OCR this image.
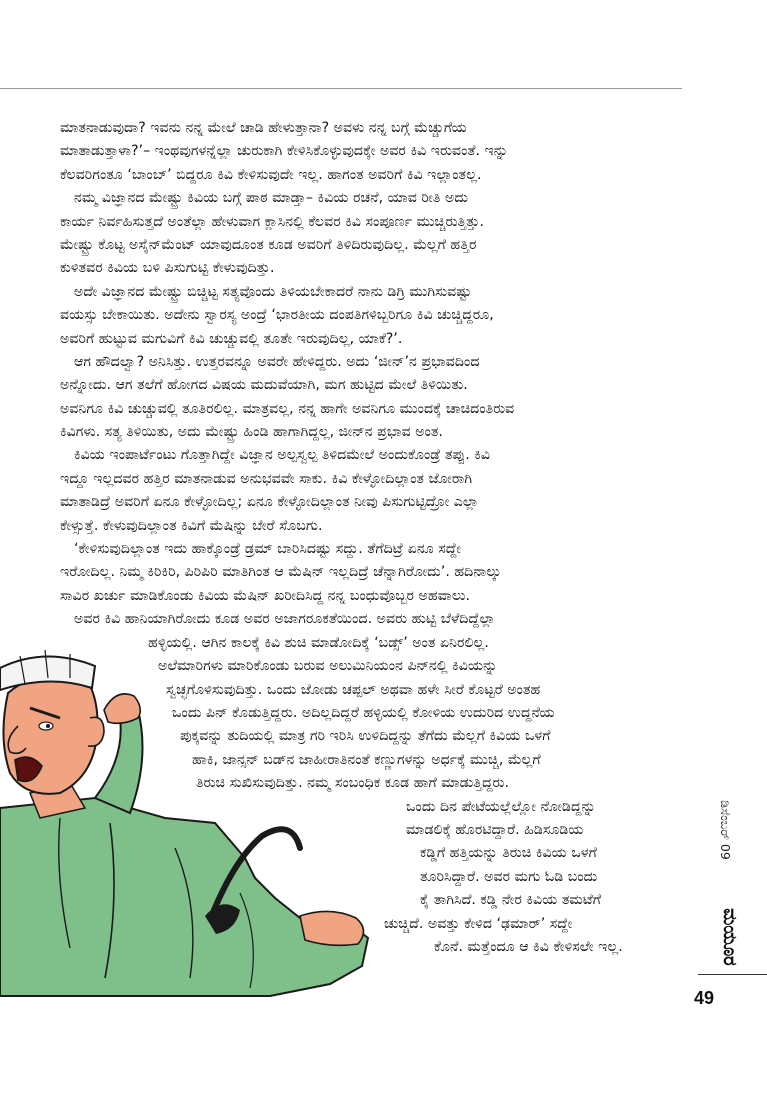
ಮಾತನಾಡುವುದಾ? ಇವನು ನನ್ನ ಮೇಲೆ ಚಾಡಿ ಹೇಳುತ್ತಾನಾ? ಅವಳು ನನ್ನ ಬಗ್ಗೆ ಮೆಚ್ಚುಗೆಯ
ಮಾತಾಡುತ್ತಾಳಾ?’– ಇಂಥವುಗಳನ್ನೆಲ್ಲಾ ಚುರುಕಾಗಿ ಕೇಳಿಸಿಕೊಳ್ಳುವುದಕ್ಕೇ ಅವರ ಕಿವಿ ಇರುವಂತೆ. ಇನ್ನು
ಕೆಲವರಿಗಂತೂ ‘ಬಾಂಬ್’ ಬಿದ್ದರೂ ಕಿವಿ ಕೇಳಿಸುವುದೇ ಇಲ್ಲ. ಹಾಗಂತ ಅವರಿಗೆ ಕಿವಿ ಇಲ್ಲಾಂತಲ್ಲ.
ನಮ್ಮ ವಿಜ್ಞಾನದ ಮೇಷ್ಟ್ರು ಕಿವಿಯ ಬಗ್ಗೆ ಪಾಠ ಮಾಡ್ತಾ– ಕಿವಿಯ ರಚನೆ, ಯಾವ ರೀತಿ ಅದು
ಕಾರ್ಯ ನಿರ್ವಹಿಸುತ್ತದೆ ಅಂತೆಲ್ಲಾ ಹೇಳುವಾಗ ಕ್ಲಾಸಿನಲ್ಲಿ ಕೆಲವರ ಕಿವಿ ಸಂಪೂರ್ಣ ಮುಚ್ಚಿರುತ್ತಿತ್ತು.
ಮೇಷ್ಟ್ರು ಕೊಟ್ಟ ಅಸೈನ್‌ಮೆಂಟ್ ಯಾವುದೂಂತ ಕೂಡ ಅವರಿಗೆ ತಿಳಿದಿರುವುದಿಲ್ಲ. ಮೆಲ್ಲಗೆ ಹತ್ತಿರ
ಕುಳಿತವರ ಕಿವಿಯ ಬಳಿ ಪಿಸುಗುಟ್ಟಿ ಕೇಳುವುದಿತ್ತು.
ಅದೇ ವಿಜ್ಞಾನದ ಮೇಷ್ಟ್ರು ಬಿಚ್ಚಿಟ್ಟ ಸತ್ಯವೊಂದು ತಿಳಿಯಬೇಕಾದರೆ ನಾನು ಡಿಗ್ರಿ ಮುಗಿಸುವಷ್ಟು
ವಯಸ್ಸು ಬೇಕಾಯಿತು. ಅದೇನು ಸ್ವಾರಸ್ಯ ಅಂದ್ರೆ ‘ಭಾರತೀಯ ದಂಪತಿಗಳಿಬ್ಬರಿಗೂ ಕಿವಿ ಚುಚ್ಚಿದ್ದರೂ,
ಅವರಿಗೆ ಹುಟ್ಟುವ ಮಗುವಿಗೆ ಕಿವಿ ಚುಚ್ಚುವಲ್ಲಿ ತೂತೇ ಇರುವುದಿಲ್ಲ, ಯಾಕೆ?’.
ಆಗ ಹೌದಲ್ವಾ? ಅನಿಸಿತ್ತು. ಉತ್ತರವನ್ನೂ ಅವರೇ ಹೇಳಿದ್ದರು. ಅದು ‘ಜೀನ್’ನ ಪ್ರಭಾವದಿಂದ
ಅನ್ನೋದು. ಆಗ ತಲೆಗೆ ಹೋಗದ ವಿಷಯ ಮದುವೆಯಾಗಿ, ಮಗ ಹುಟ್ಟಿದ ಮೇಲೆ ತಿಳಿಯಿತು.
ಅವನಿಗೂ ಕಿವಿ ಚುಚ್ಚುವಲ್ಲಿ ತೂತಿರಲಿಲ್ಲ. ಮಾತ್ರವಲ್ಲ, ನನ್ನ ಹಾಗೇ ಅವನಿಗೂ ಮುಂದಕ್ಕೆ ಚಾಚಿದಂತಿರುವ
ಕಿವಿಗಳು. ಸತ್ಯ ತಿಳಿಯಿತು, ಅದು ಮೇಷ್ಟ್ರು ಹಿಂಡಿ ಹಾಗಾಗಿದ್ದಲ್ಲ, ಜೀನ್‌ನ ಪ್ರಭಾವ ಅಂತ.
ಕಿವಿಯ ಇಂಪಾರ್ಟೆಂಟು ಗೊತ್ತಾಗಿದ್ದೇ ವಿಜ್ಞಾನ ಅಲ್ಪಸ್ವಲ್ಪ ತಿಳಿದಮೇಲೆ ಅಂದುಕೊಂಡ್ರೆ ತಪ್ಪು. ಕಿವಿ
ಇದ್ದೂ ಇಲ್ಲದವರ ಹತ್ತಿರ ಮಾತನಾಡುವ ಅನುಭವವೇ ಸಾಕು. ಕಿವಿ ಕೇಳ್ಳೋದಿಲ್ಲಾಂತ ಜೋರಾಗಿ
ಮಾತಾಡಿದ್ರೆ ಅವರಿಗೆ ಏನೂ ಕೇಳ್ಳೋದಿಲ್ಲ; ಏನೂ ಕೇಳ್ಳೋದಿಲ್ಲಾಂತ ನೀವು ಪಿಸುಗುಟ್ಟಿದ್ರೋ ಎಲ್ಲಾ
ಕೇಳ್ಸುತ್ತೆ. ಕೇಳುವುದಿಲ್ಲಾಂತ ಕಿವಿಗೆ ಮೆಷಿನ್ನು ಬೇರೆ ಸೊಬಗು.
‘ಕೇಳಿಸುವುದಿಲ್ಲಾಂತ ಇದು ಹಾಕ್ಕೊಂಡ್ರೆ ಡ್ರಮ್ ಬಾರಿಸಿದಷ್ಟು ಸದ್ದು. ತೆಗೆದಿಟ್ರೆ ಏನೂ ಸದ್ದೇ
ಇರೋದಿಲ್ಲ. ನಿಮ್ಮ ಕಿರಿಕಿರಿ, ಪಿರಿಪಿರಿ ಮಾತಿಗಿಂತ ಆ ಮೆಷಿನ್ ಇಲ್ಲದಿದ್ರೆ ಚೆನ್ನಾಗಿರೋದು’. ಹದಿನಾಲ್ಕು
ಸಾವಿರ ಖರ್ಚು ಮಾಡಿಕೊಂಡು ಕಿವಿಯ ಮೆಷಿನ್ ಖರೀದಿಸಿದ್ದ ನನ್ನ ಬಂಧುವೊಬ್ಬರ ಅಹವಾಲು.
ಅವರ ಕಿವಿ ಹಾನಿಯಾಗಿರೋದು ಕೂಡ ಅವರ ಅಜಾಗರೂಕತೆಯಿಂದ. ಅವರು ಹುಟ್ಟಿ ಬೆಳೆದಿದ್ದೆಲ್ಲಾ
ಹಳ್ಳಿಯಲ್ಲಿ. ಆಗಿನ ಕಾಲಕ್ಕೆ ಕಿವಿ ಶುಚಿ ಮಾಡೋದಿಕ್ಕೆ ‘ಬಡ್ಸ್’ ಅಂತ ಏನಿರಲಿಲ್ಲ.
ಅಲೆಮಾರಿಗಳು ಮಾರಿಕೊಂಡು ಬರುವ ಅಲುಮಿನಿಯಂನ ಪಿನ್‌ನಲ್ಲಿ ಕಿವಿಯನ್ನು
ಸ್ವಚ್ಛಗೊಳಿಸುವುದಿತ್ತು. ಒಂದು ಜೋಡು ಚಪ್ಪಲ್ ಅಥವಾ ಹಳೇ ಸೀರೆ ಕೊಟ್ಟರೆ ಅಂತಹ
ಒಂದು ಪಿನ್ ಕೊಡುತ್ತಿದ್ದರು. ಅದಿಲ್ಲದಿದ್ದರೆ ಹಳ್ಳಿಯಲ್ಲಿ ಕೋಳಿಯ ಉದುರಿದ ಉದ್ದನೆಯ
ಪುಕ್ಕವನ್ನು ತುದಿಯಲ್ಲಿ ಮಾತ್ರ ಗರಿ ಇರಿಸಿ ಉಳಿದಿದ್ದನ್ನು ತೆಗೆದು ಮೆಲ್ಲಗೆ ಕಿವಿಯ ಒಳಗೆ
ಹಾಕಿ, ಜಾನ್ಸನ್ ಬಡ್‌ನ ಜಾಹೀರಾತಿನಂತೆ ಕಣ್ಣುಗಳನ್ನು ಅರ್ಧಕ್ಕೆ ಮುಚ್ಚಿ, ಮೆಲ್ಲಗೆ
ತಿರುಚಿ ಸುಖಿಸುವುದಿತ್ತು. ನಮ್ಮ ಸಂಬಂಧಿಕ ಕೂಡ ಹಾಗೆ ಮಾಡುತ್ತಿದ್ದರು.
ಒಂದು ದಿನ ಪೇಟೆಯಲ್ಲೆಲ್ಲೋ ನೋಡಿದ್ದನ್ನು
ಮಾಡಲಿಕ್ಕೆ ಹೊರಟಿದ್ದಾರೆ. ಹಿಡಿಸೂಡಿಯ
ಕಡ್ಡಿಗೆ ಹತ್ತಿಯನ್ನು ತಿರುಚಿ ಕಿವಿಯ ಒಳಗೆ
ತೂರಿಸಿದ್ದಾರೆ. ಅವರ ಮಗು ಓಡಿ ಬಂದು
ಕೈ ತಾಗಿಸಿದೆ. ಕಡ್ಡಿ ನೇರ ಕಿವಿಯ ತಮಟೆಗೆ
ಚುಚ್ಚಿದೆ. ಅವತ್ತು ಕೇಳಿದ ‘ಢಮಾರ್’ ಸದ್ದೇ
ಕೊನೆ. ಮತ್ತೆಂದೂ ಆ ಕಿವಿ ಕೇಳಿಸಲೇ ಇಲ್ಲ.
ಡಿಸೆಂಬರ್ 09
ಮಯೂರ
49
